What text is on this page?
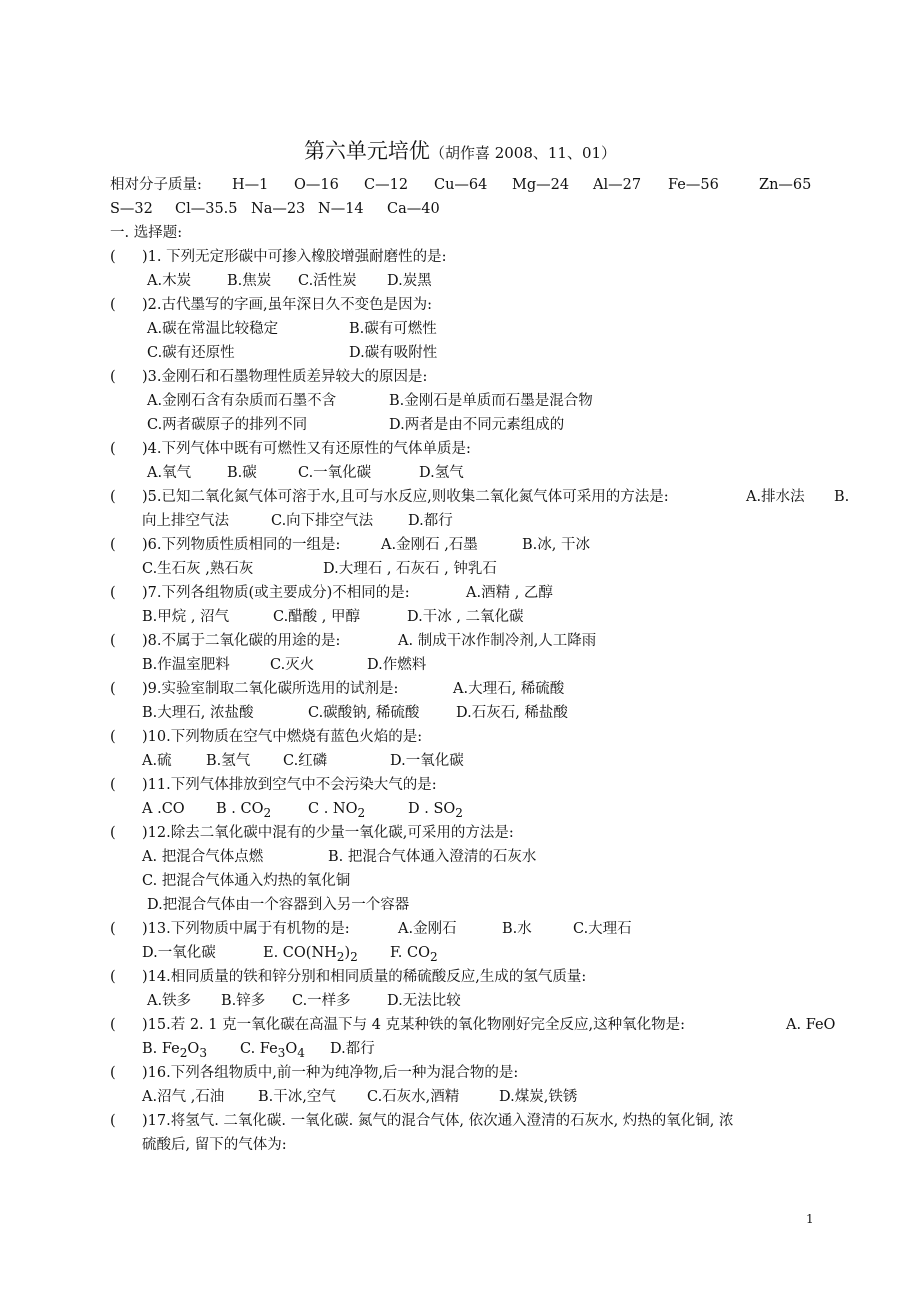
第六单元培优（胡作喜 2008、11、01）
相对分子质量: H—1 O—16 C—12 Cu—64 Mg—24 Al—27 Fe—56	Zn—65
S—32 Cl—35.5 Na—23 N—14 Ca—40
一. 选择题:
( )1. 下列无定形碳中可掺入橡胶增强耐磨性的是:
A.木炭 B.焦炭 C.活性炭 D.炭黑
( )2.古代墨写的字画,虽年深日久不变色是因为:
A.碳在常温比较稳定	B.碳有可燃性
C.碳有还原性	D.碳有吸附性
( )3.金刚石和石墨物理性质差异较大的原因是:
A.金刚石含有杂质而石墨不含	B.金刚石是单质而石墨是混合物
C.两者碳原子的排列不同	D.两者是由不同元素组成的
( )4.下列气体中既有可燃性又有还原性的气体单质是:
A.氧气 B.碳	C.一氧化碳	D.氢气
( )5.已知二氧化氮气体可溶于水,且可与水反应,则收集二氧化氮气体可采用的方法是:	A.排水法 B.
向上排空气法	C.向下排空气法 D.都行
( )6.下列物质性质相同的一组是:	A.金刚石 ,石墨	B.冰, 干冰
C.生石灰 ,熟石灰	D.大理石 , 石灰石 , 钟乳石
( )7.下列各组物质(或主要成分)不相同的是:	A.酒精 , 乙醇
B.甲烷 , 沼气	C.醋酸 , 甲醇	D.干冰 , 二氧化碳
( )8.不属于二氧化碳的用途的是:	A. 制成干冰作制冷剂,人工降雨
B.作温室肥料	C.灭火	D.作燃料
( )9.实验室制取二氧化碳所选用的试剂是:	A.大理石, 稀硫酸
B.大理石, 浓盐酸	C.碳酸钠, 稀硫酸	D.石灰石, 稀盐酸
( )10.下列物质在空气中燃烧有蓝色火焰的是:
A.硫 B.氢气 C.红磷	D.一氧化碳
( )11.下列气体排放到空气中不会污染大气的是:
A .CO B . $CO_2$	C . $NO_2$	D . $SO_2$
( )12.除去二氧化碳中混有的少量一氧化碳,可采用的方法是:
A. 把混合气体点燃	B. 把混合气体通入澄清的石灰水
C. 把混合气体通入灼热的氧化铜
D.把混合气体由一个容器到入另一个容器
( )13.下列物质中属于有机物的是:	A.金刚石	B.水	C.大理石
D.一氧化碳	E. $CO(NH_2)_2$ F. $CO_2$
( )14.相同质量的铁和锌分别和相同质量的稀硫酸反应,生成的氢气质量:
A.铁多 B.锌多 C.一样多	D.无法比较
( )15.若 2. 1 克一氧化碳在高温下与 4 克某种铁的氧化物刚好完全反应,这种氧化物是:	A. FeO
B. $Fe_2O_3$ C. $Fe_3O_4$ D.都行
( )16.下列各组物质中,前一种为纯净物,后一种为混合物的是:
A.沼气 ,石油 B.干冰,空气 C.石灰水,酒精	D.煤炭,铁锈
( )17.将氢气. 二氧化碳. 一氧化碳. 氮气的混合气体, 依次通入澄清的石灰水, 灼热的氧化铜, 浓
硫酸后, 留下的气体为:
1
